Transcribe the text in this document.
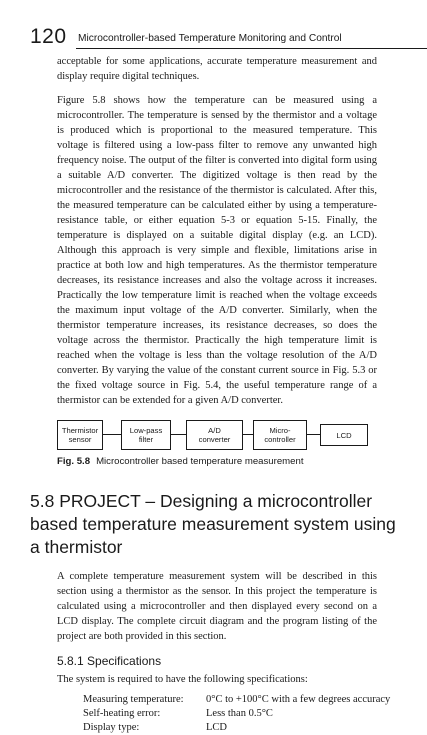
120 Microcontroller-based Temperature Monitoring and Control
acceptable for some applications, accurate temperature measurement and display require digital techniques.
Figure 5.8 shows how the temperature can be measured using a microcontroller. The temperature is sensed by the thermistor and a voltage is produced which is proportional to the measured temperature. This voltage is filtered using a low-pass filter to remove any unwanted high frequency noise. The output of the filter is converted into digital form using a suitable A/D converter. The digitized voltage is then read by the microcontroller and the resistance of the thermistor is calculated. After this, the measured temperature can be calculated either by using a temperature-resistance table, or either equation 5-3 or equation 5-15. Finally, the temperature is displayed on a suitable digital display (e.g. an LCD). Although this approach is very simple and flexible, limitations arise in practice at both low and high temperatures. As the thermistor temperature decreases, its resistance increases and also the voltage across it increases. Practically the low temperature limit is reached when the voltage exceeds the maximum input voltage of the A/D converter. Similarly, when the thermistor temperature increases, its resistance decreases, so does the voltage across the thermistor. Practically the high temperature limit is reached when the voltage is less than the voltage resolution of the A/D converter. By varying the value of the constant current source in Fig. 5.3 or the fixed voltage source in Fig. 5.4, the useful temperature range of a thermistor can be extended for a given A/D converter.
Thermistor
sensor
Low-pass
filter
A/D
converter
Micro-
controller	LCD
Fig. 5.8 Microcontroller based temperature measurement
5.8 PROJECT – Designing a microcontroller based temperature measurement system using a thermistor
A complete temperature measurement system will be described in this section using a thermistor as the sensor. In this project the temperature is calculated using a microcontroller and then displayed every second on a LCD display. The complete circuit diagram and the program listing of the project are both provided in this section.
5.8.1 Specifications
The system is required to have the following specifications:
Measuring temperature: 0°C to +100°C with a few degrees accuracy
Self-heating error:	Less than 0.5°C
Display type:	LCD
